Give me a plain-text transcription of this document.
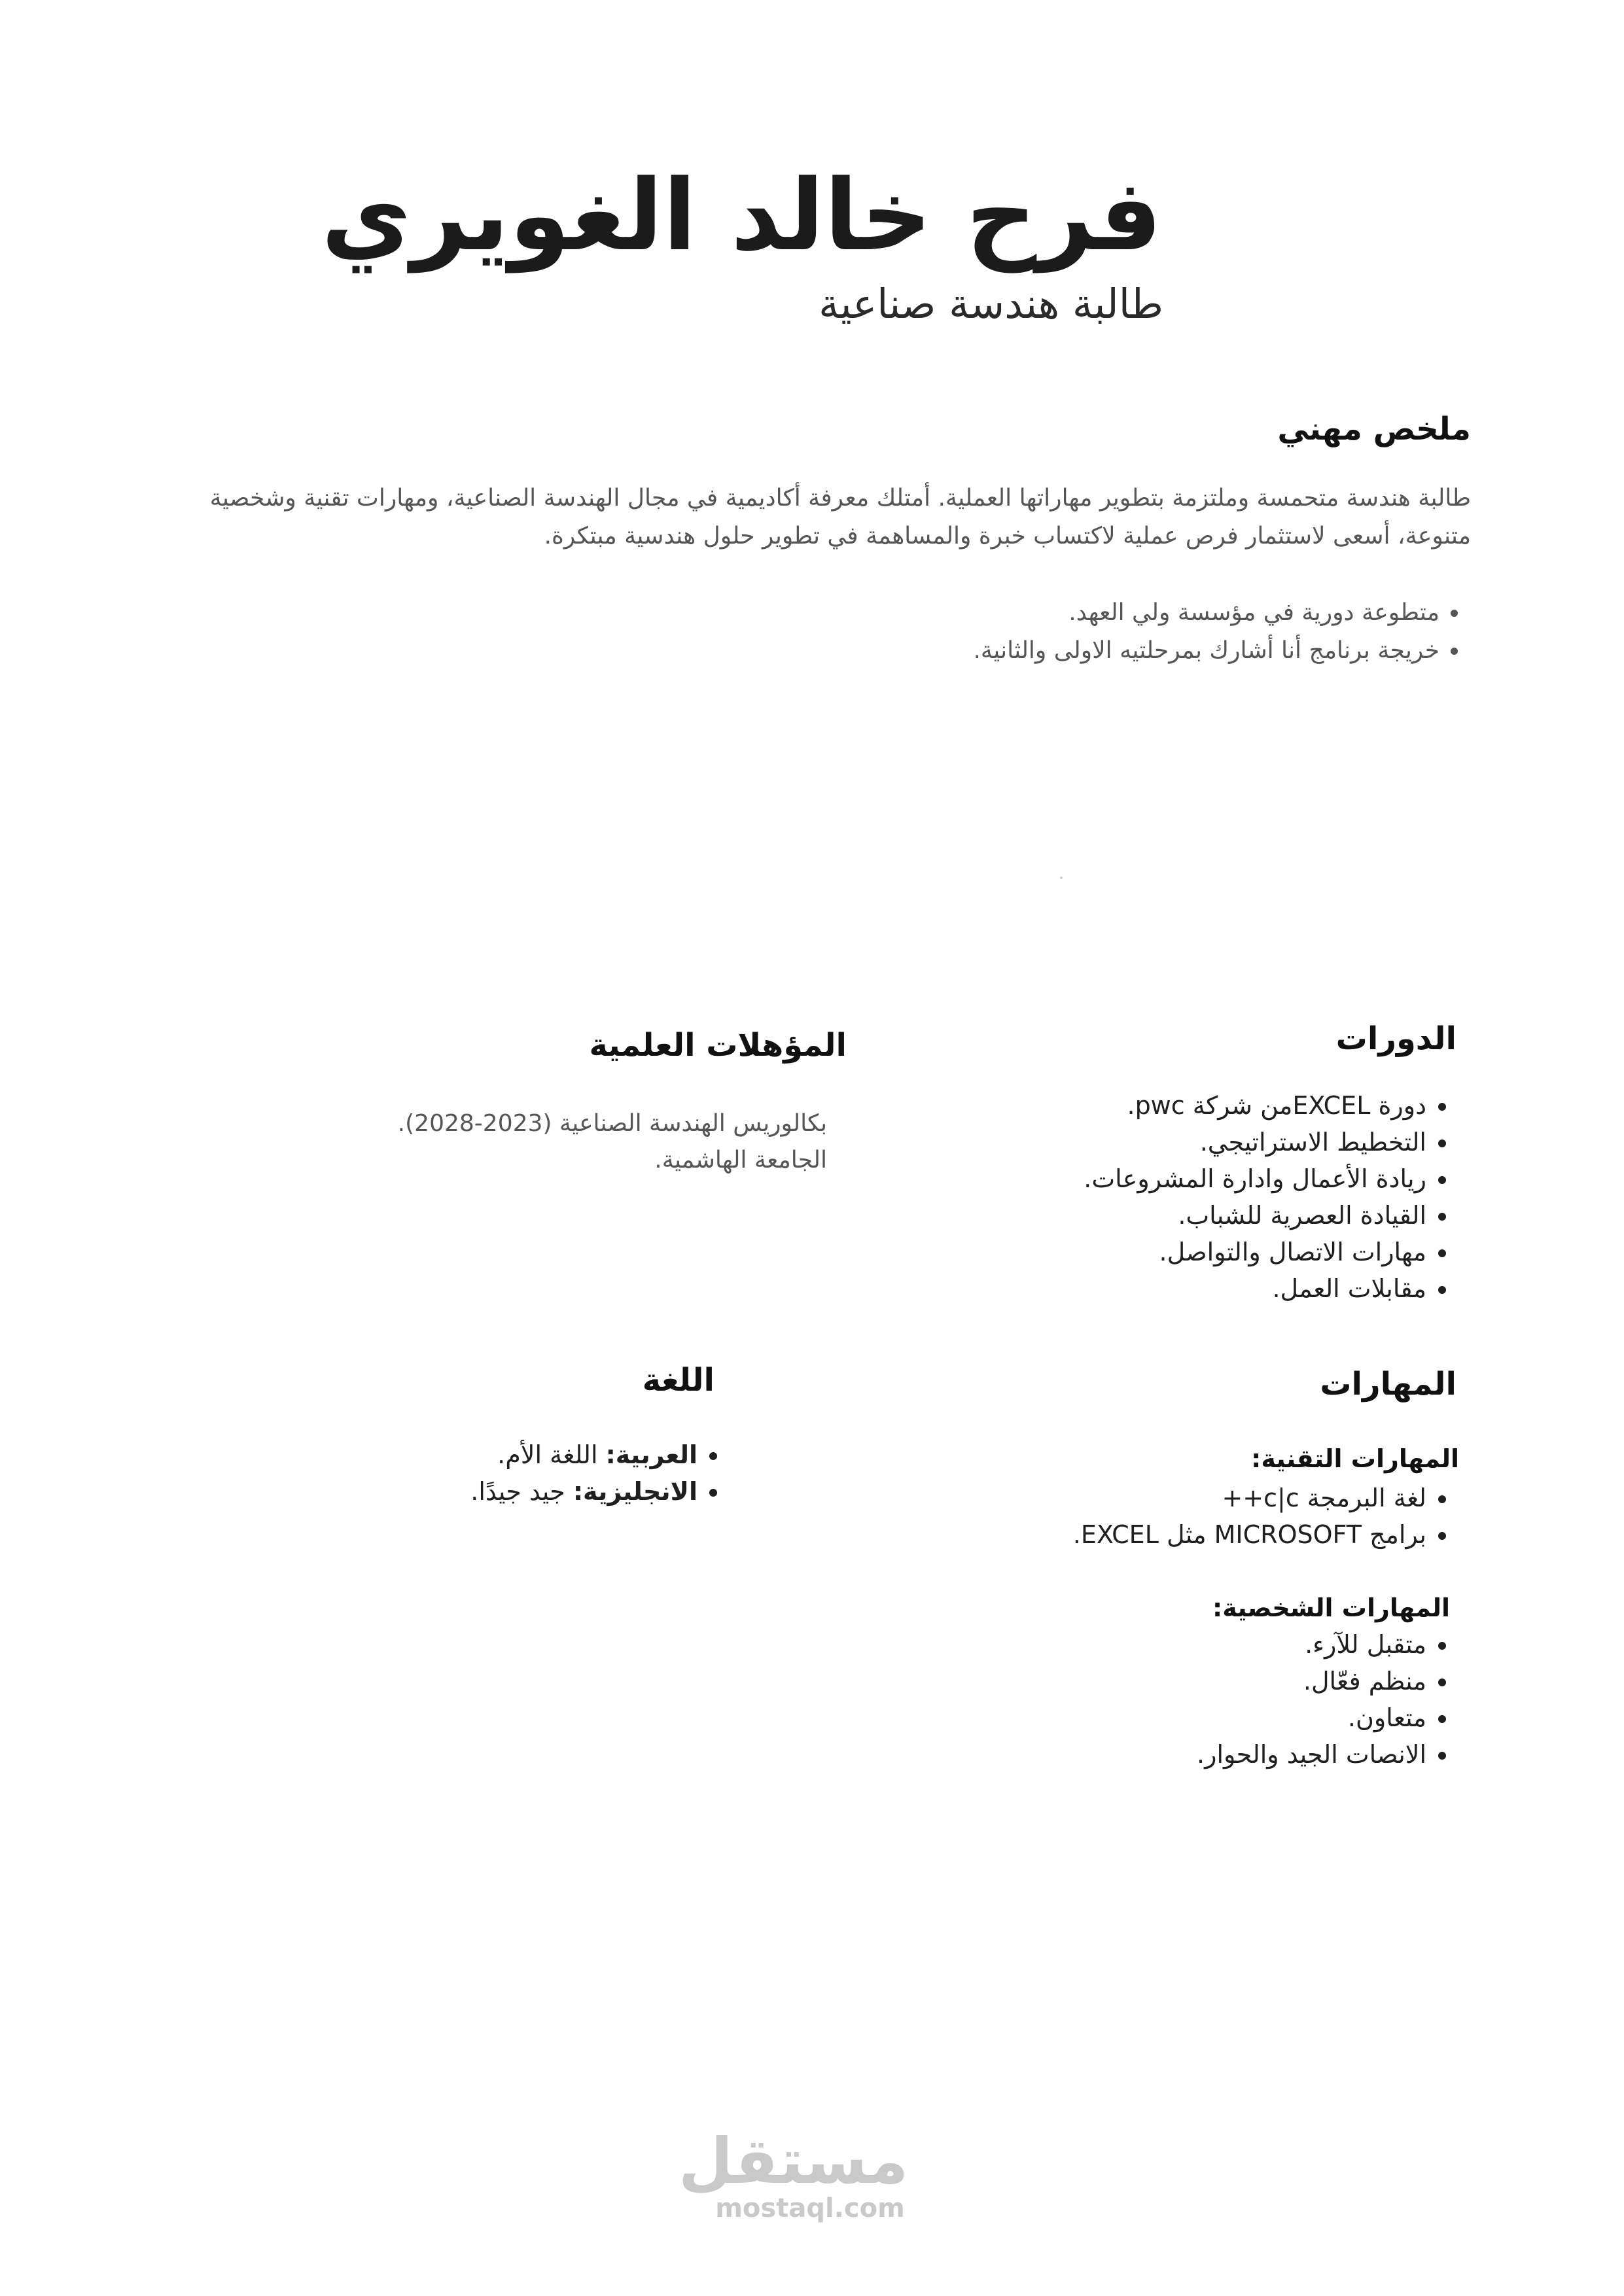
فرح خالد الغويري
طالبة هندسة صناعية
ملخص مهني

طالبة هندسة متحمسة وملتزمة بتطوير مهاراتها العملية. أمتلك معرفة أكاديمية في مجال الهندسة الصناعية، ومهارات تقنية وشخصية متنوعة، أسعى لاستثمار فرص عملية لاكتساب خبرة والمساهمة في تطوير حلول هندسية مبتكرة.

• متطوعة دورية في مؤسسة ولي العهد.
• خريجة برنامج أنا أشارك بمرحلتيه الاولى والثانية.
الدورات
• دورة EXCELمن شركة pwc.
• التخطيط الاستراتيجي.
• ريادة الأعمال وادارة المشروعات.
• القيادة العصرية للشباب.
• مهارات الاتصال والتواصل.
• مقابلات العمل.
المؤهلات العلمية
بكالوريس الهندسة الصناعية (2023-2028).
الجامعة الهاشمية.
المهارات
المهارات التقنية:
• لغة البرمجة c|c++
• برامج MICROSOFT مثل EXCEL.
المهارات الشخصية:
• متقبل للآرء.
• منظم فعّال.
• متعاون.
• الانصات الجيد والحوار.
اللغة
• العربية: اللغة الأم.
• الانجليزية: جيد جيدًا.
مستقل
mostaql.com
